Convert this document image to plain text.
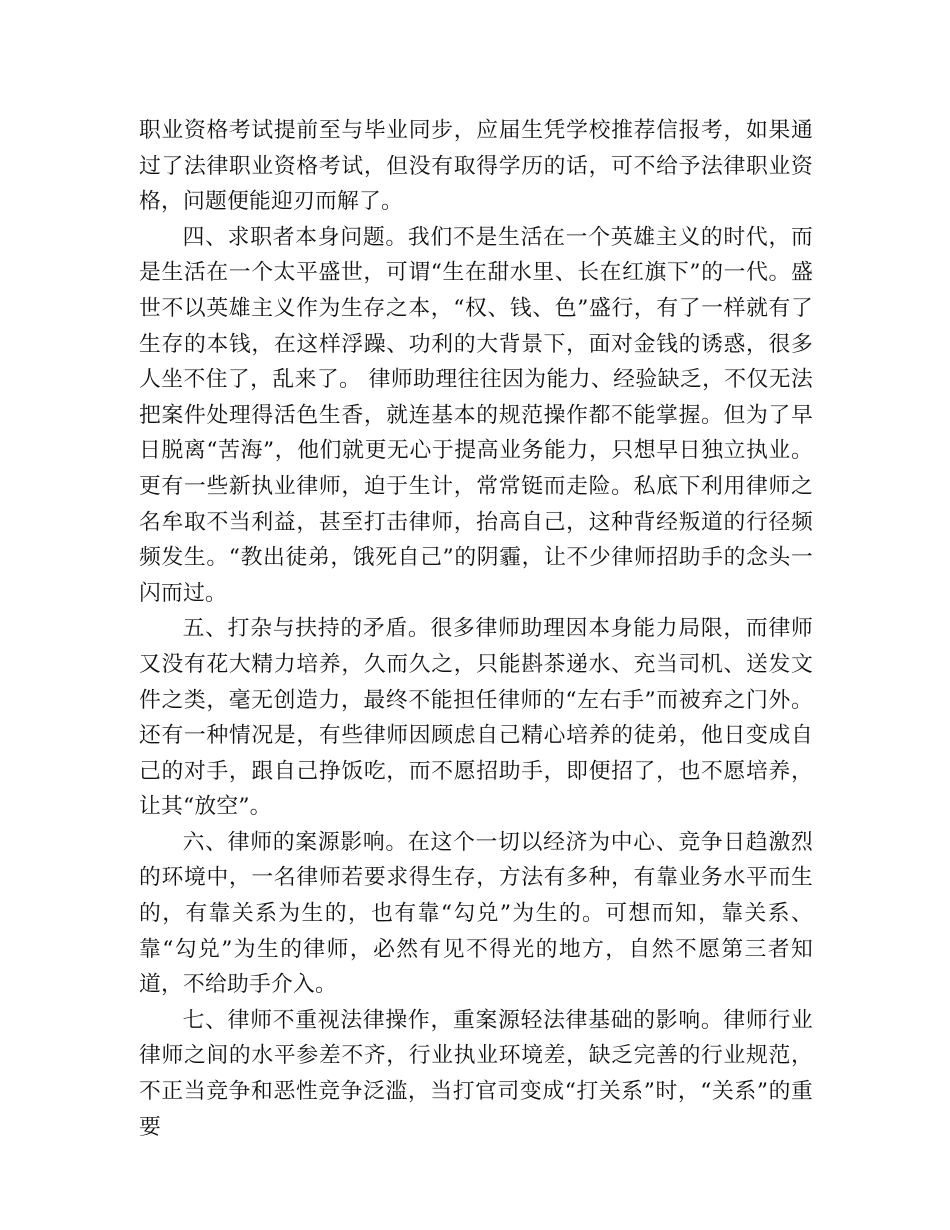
职业资格考试提前至与毕业同步，应届生凭学校推荐信报考，如果通过了法律职业资格考试，但没有取得学历的话，可不给予法律职业资格，问题便能迎刃而解了。

四、求职者本身问题。我们不是生活在一个英雄主义的时代，而是生活在一个太平盛世，可谓“生在甜水里、长在红旗下”的一代。盛世不以英雄主义作为生存之本，“权、钱、色”盛行，有了一样就有了生存的本钱，在这样浮躁、功利的大背景下，面对金钱的诱惑，很多人坐不住了，乱来了。 律师助理往往因为能力、经验缺乏，不仅无法把案件处理得活色生香，就连基本的规范操作都不能掌握。但为了早日脱离“苦海”，他们就更无心于提高业务能力，只想早日独立执业。更有一些新执业律师，迫于生计，常常铤而走险。私底下利用律师之名牟取不当利益，甚至打击律师，抬高自己，这种背经叛道的行径频频发生。“教出徒弟，饿死自己”的阴霾，让不少律师招助手的念头一闪而过。

五、打杂与扶持的矛盾。很多律师助理因本身能力局限，而律师又没有花大精力培养，久而久之，只能斟茶递水、充当司机、送发文件之类，毫无创造力，最终不能担任律师的“左右手”而被弃之门外。还有一种情况是，有些律师因顾虑自己精心培养的徒弟，他日变成自己的对手，跟自己挣饭吃，而不愿招助手，即便招了，也不愿培养，让其“放空”。

六、律师的案源影响。在这个一切以经济为中心、竞争日趋激烈的环境中，一名律师若要求得生存，方法有多种，有靠业务水平而生的，有靠关系为生的，也有靠“勾兑”为生的。可想而知，靠关系、靠“勾兑”为生的律师，必然有见不得光的地方，自然不愿第三者知道，不给助手介入。

七、律师不重视法律操作，重案源轻法律基础的影响。律师行业律师之间的水平参差不齐，行业执业环境差，缺乏完善的行业规范，不正当竞争和恶性竞争泛滥，当打官司变成“打关系”时，“关系”的重要
